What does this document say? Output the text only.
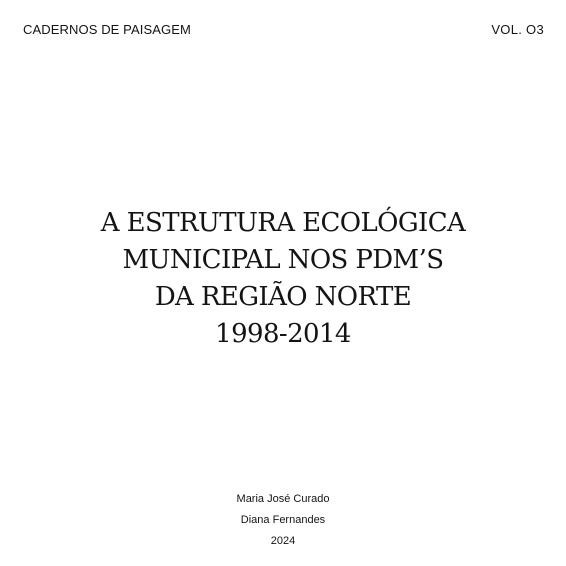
CADERNOS DE PAISAGEM	VOL. O3
A ESTRUTURA ECOLÓGICA
MUNICIPAL NOS PDM’S
DA REGIÃO NORTE
1998-2014
Maria José Curado
Diana Fernandes
2024
